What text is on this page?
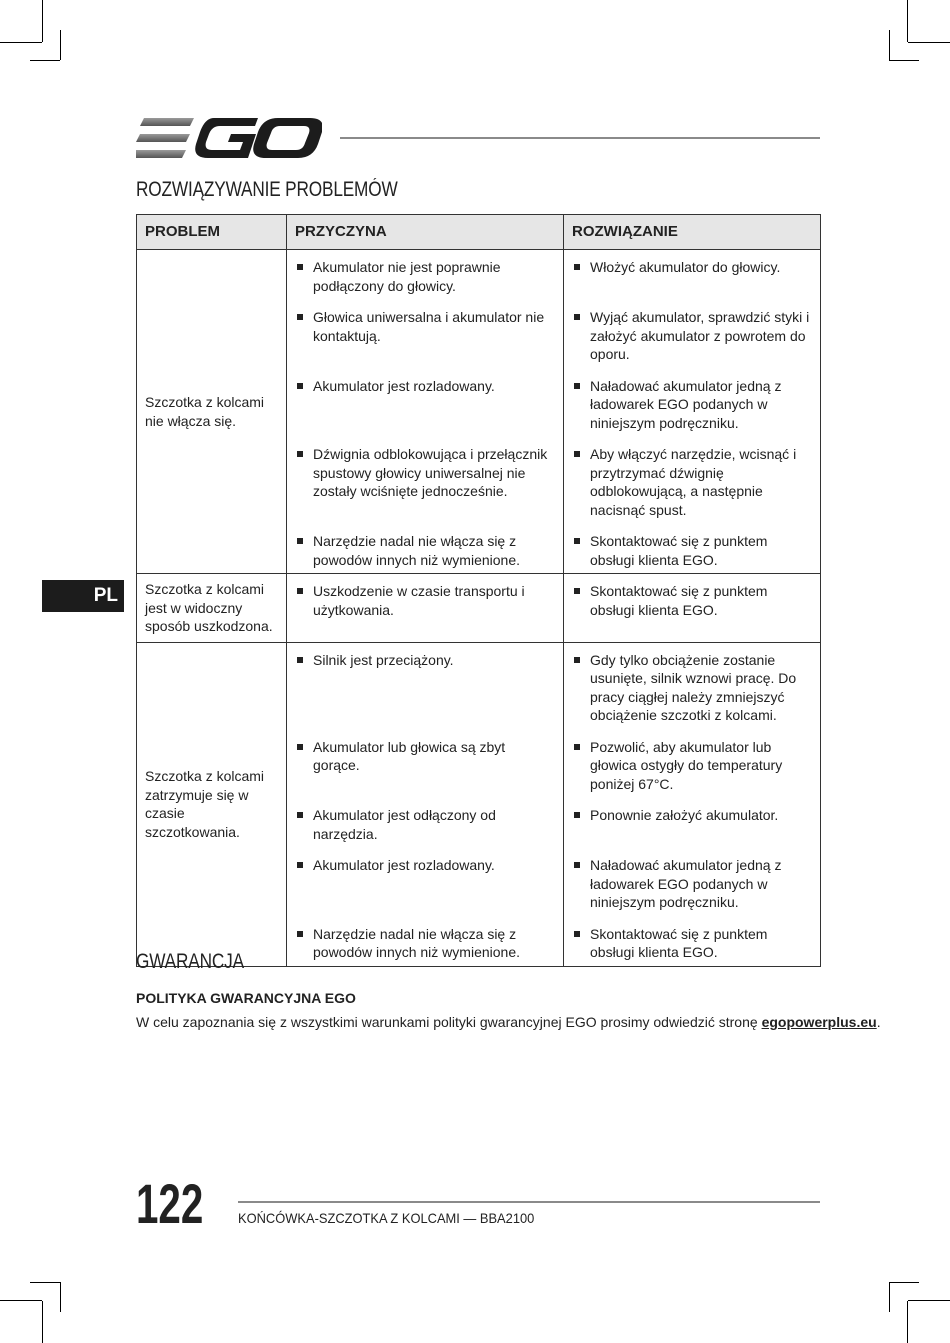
ROZWIĄZYWANIE PROBLEMÓW
PL
PROBLEM	PRZYCZYNA	ROZWIĄZANIE
Szczotka z kolcami nie włącza się.	Akumulator nie jest poprawnie podłączony do głowicy.	Włożyć akumulator do głowicy.

	Głowica uniwersalna i akumulator nie kontaktują.	Wyjąć akumulator, sprawdzić styki i założyć akumulator z powrotem do oporu.

	Akumulator jest rozladowany.	Naładować akumulator jedną z ładowarek EGO podanych w niniejszym podręczniku.

	Dźwignia odblokowująca i przełącznik spustowy głowicy uniwersalnej nie zostały wciśnięte jednocześnie.	Aby włączyć narzędzie, wcisnąć i przytrzymać dźwignię odblokowującą, a następnie nacisnąć spust.

	Narzędzie nadal nie włącza się z powodów innych niż wymienione.	Skontaktować się z punktem obsługi klienta EGO.

Szczotka z kolcami jest w widoczny sposób uszkodzona.	Uszkodzenie w czasie transportu i użytkowania.	Skontaktować się z punktem obsługi klienta EGO.

Szczotka z kolcami zatrzymuje się w czasie szczotkowania.	Silnik jest przeciążony.	Gdy tylko obciążenie zostanie usunięte, silnik wznowi pracę. Do pracy ciągłej należy zmniejszyć obciążenie szczotki z kolcami.

	Akumulator lub głowica są zbyt gorące.	Pozwolić, aby akumulator lub głowica ostygły do temperatury poniżej 67°C.

	Akumulator jest odłączony od narzędzia.	Ponownie założyć akumulator.

	Akumulator jest rozladowany.	Naładować akumulator jedną z ładowarek EGO podanych w niniejszym podręczniku.

	Narzędzie nadal nie włącza się z powodów innych niż wymienione.	Skontaktować się z punktem obsługi klienta EGO.
GWARANCJA
POLITYKA GWARANCYJNA EGO
W celu zapoznania się z wszystkimi warunkami polityki gwarancyjnej EGO prosimy odwiedzić stronę egopowerplus.eu.
122 KOŃCÓWKA-SZCZOTKA Z KOLCAMI — BBA2100
